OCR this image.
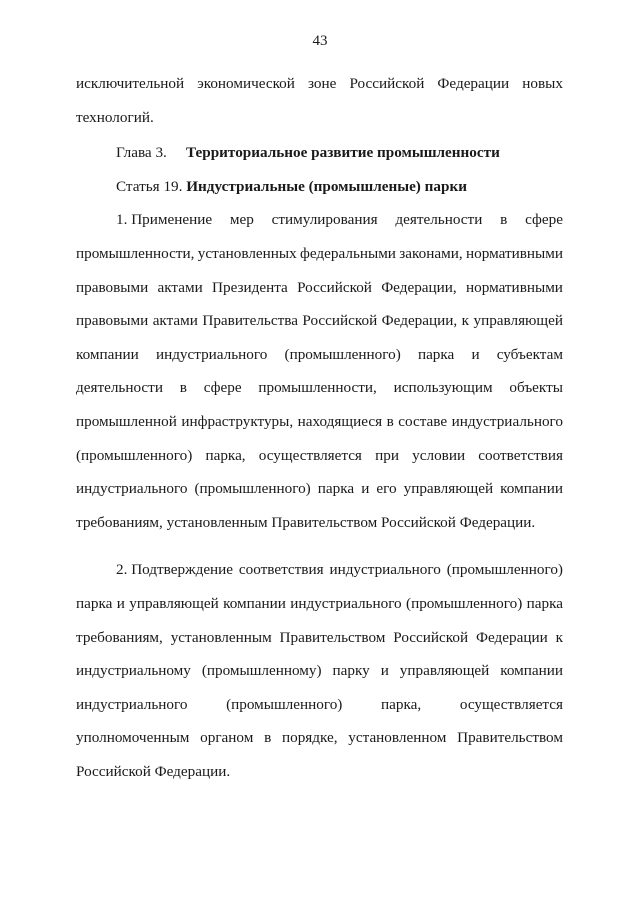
43
исключительной экономической зоне Российской Федерации новых
технологий.
Глава 3. Территориальное развитие промышленности
Статья 19. Индустриальные (промышленые) парки
1. Применение мер стимулирования деятельности в сфере
промышленности, установленных федеральными законами, нормативными
правовыми актами Президента Российской Федерации, нормативными
правовыми актами Правительства Российской Федерации, к управляющей
компании индустриального (промышленного) парка и субъектам
деятельности в сфере промышленности, использующим объекты
промышленной инфраструктуры, находящиеся в составе индустриального
(промышленного) парка, осуществляется при условии соответствия
индустриального (промышленного) парка и его управляющей компании
требованиям, установленным Правительством Российской Федерации.
2. Подтверждение соответствия индустриального (промышленного)
парка и управляющей компании индустриального (промышленного) парка
требованиям, установленным Правительством Российской Федерации к
индустриальному (промышленному) парку и управляющей компании
индустриального	(промышленного)	парка,	осуществляется
уполномоченным органом в порядке, установленном Правительством
Российской Федерации.
